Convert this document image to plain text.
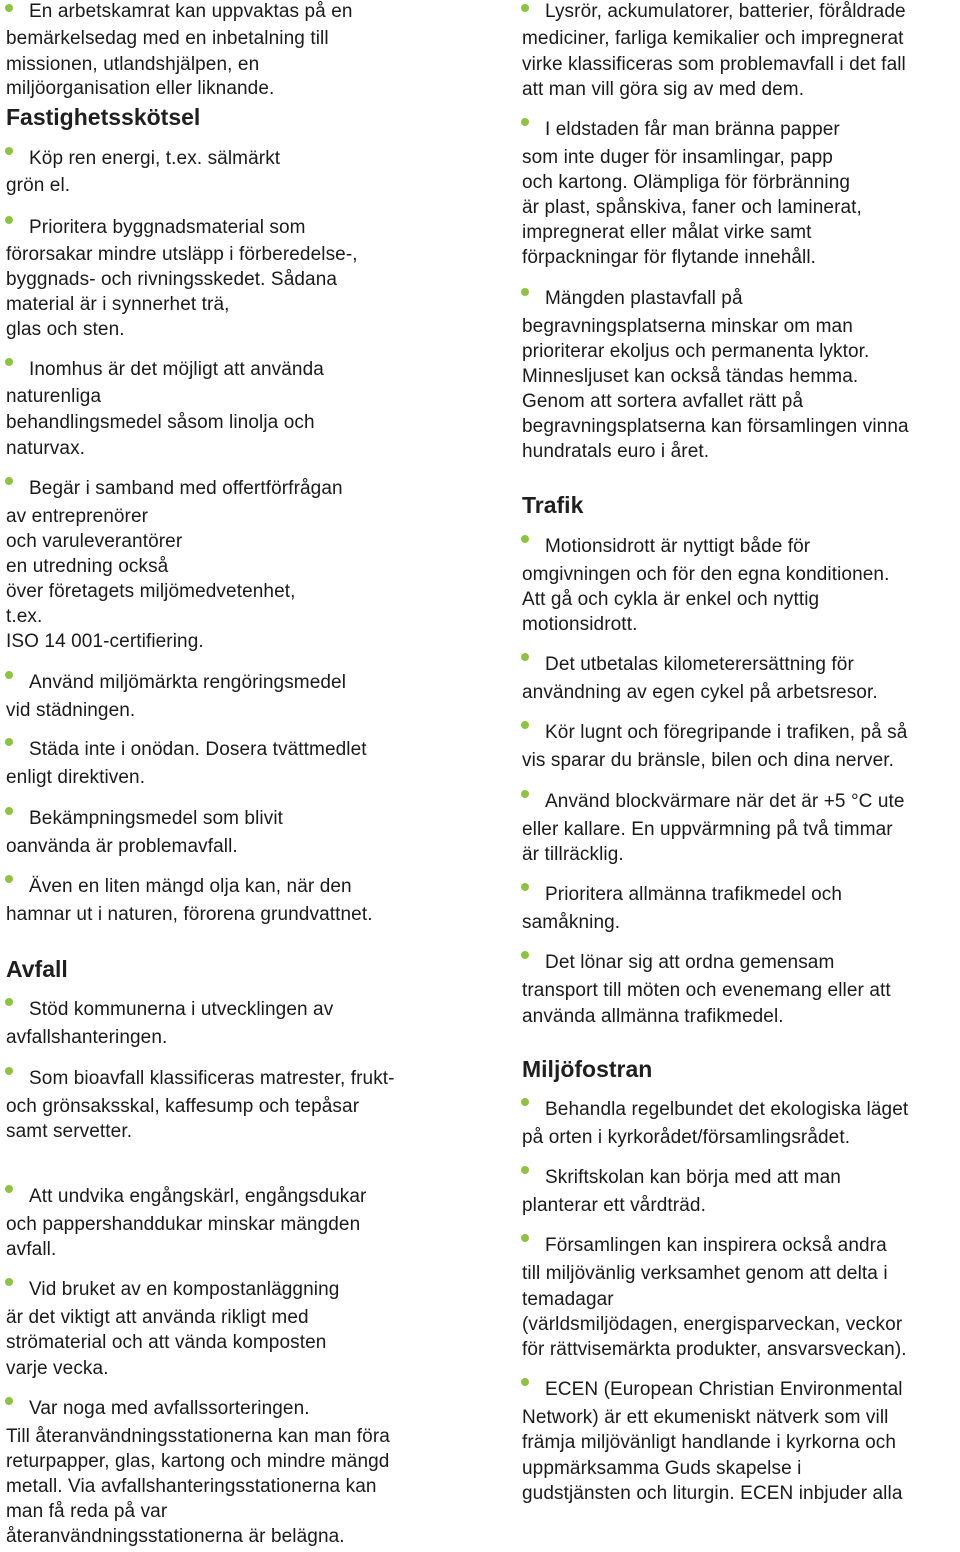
En arbetskamrat kan uppvaktas på en
bemärkelsedag med en inbetalning till
missionen, utlandshjälpen, en
miljöorganisation eller liknande.
Fastighetsskötsel
Köp ren energi, t.ex. sälmärkt
grön el.
Prioritera byggnadsmaterial som
förorsakar mindre utsläpp i förberedelse-,
byggnads- och rivningsskedet. Sådana
material är i synnerhet trä,
glas och sten.
Inomhus är det möjligt att använda
naturenliga
behandlingsmedel såsom linolja och
naturvax.
Begär i samband med offertförfrågan
av entreprenörer
och varuleverantörer
en utredning också
över företagets miljömedvetenhet,
t.ex.
ISO 14 001-certifiering.
Använd miljömärkta rengöringsmedel
vid städningen.
Städa inte i onödan. Dosera tvättmedlet
enligt direktiven.
Bekämpningsmedel som blivit
oanvända är problemavfall.
Även en liten mängd olja kan, när den
hamnar ut i naturen, förorena grundvattnet.
Avfall
Stöd kommunerna i utvecklingen av
avfallshanteringen.
Som bioavfall klassificeras matrester, frukt-
och grönsaksskal, kaffesump och tepåsar
samt servetter.
Att undvika engångskärl, engångsdukar
och pappershanddukar minskar mängden
avfall.
Vid bruket av en kompostanläggning
är det viktigt att använda rikligt med
strömaterial och att vända komposten
varje vecka.
Var noga med avfallssorteringen.
Till återanvändningsstationerna kan man föra
returpapper, glas, kartong och mindre mängd
metall. Via avfallshanteringsstationerna kan
man få reda på var
återanvändningsstationerna är belägna.
Lysrör, ackumulatorer, batterier, föråldrade
mediciner, farliga kemikalier och impregnerat
virke klassificeras som problemavfall i det fall
att man vill göra sig av med dem.
I eldstaden får man bränna papper
som inte duger för insamlingar, papp
och kartong. Olämpliga för förbränning
är plast, spånskiva, faner och laminerat,
impregnerat eller målat virke samt
förpackningar för flytande innehåll.
Mängden plastavfall på
begravningsplatserna minskar om man
prioriterar ekoljus och permanenta lyktor.
Minnesljuset kan också tändas hemma.
Genom att sortera avfallet rätt på
begravningsplatserna kan församlingen vinna
hundratals euro i året.
Trafik
Motionsidrott är nyttigt både för
omgivningen och för den egna konditionen.
Att gå och cykla är enkel och nyttig
motionsidrott.
Det utbetalas kilometerersättning för
användning av egen cykel på arbetsresor.
Kör lugnt och föregripande i trafiken, på så
vis sparar du bränsle, bilen och dina nerver.
Använd blockvärmare när det är +5 °C ute
eller kallare. En uppvärmning på två timmar
är tillräcklig.
Prioritera allmänna trafikmedel och
samåkning.
Det lönar sig att ordna gemensam
transport till möten och evenemang eller att
använda allmänna trafikmedel.
Miljöfostran
Behandla regelbundet det ekologiska läget
på orten i kyrkorådet/församlingsrådet.
Skriftskolan kan börja med att man
planterar ett vårdträd.
Församlingen kan inspirera också andra
till miljövänlig verksamhet genom att delta i
temadagar
(världsmiljödagen, energisparveckan, veckor
för rättvisemärkta produkter, ansvarsveckan).
ECEN (European Christian Environmental
Network) är ett ekumeniskt nätverk som vill
främja miljövänligt handlande i kyrkorna och
uppmärksamma Guds skapelse i
gudstjänsten och liturgin. ECEN inbjuder alla
